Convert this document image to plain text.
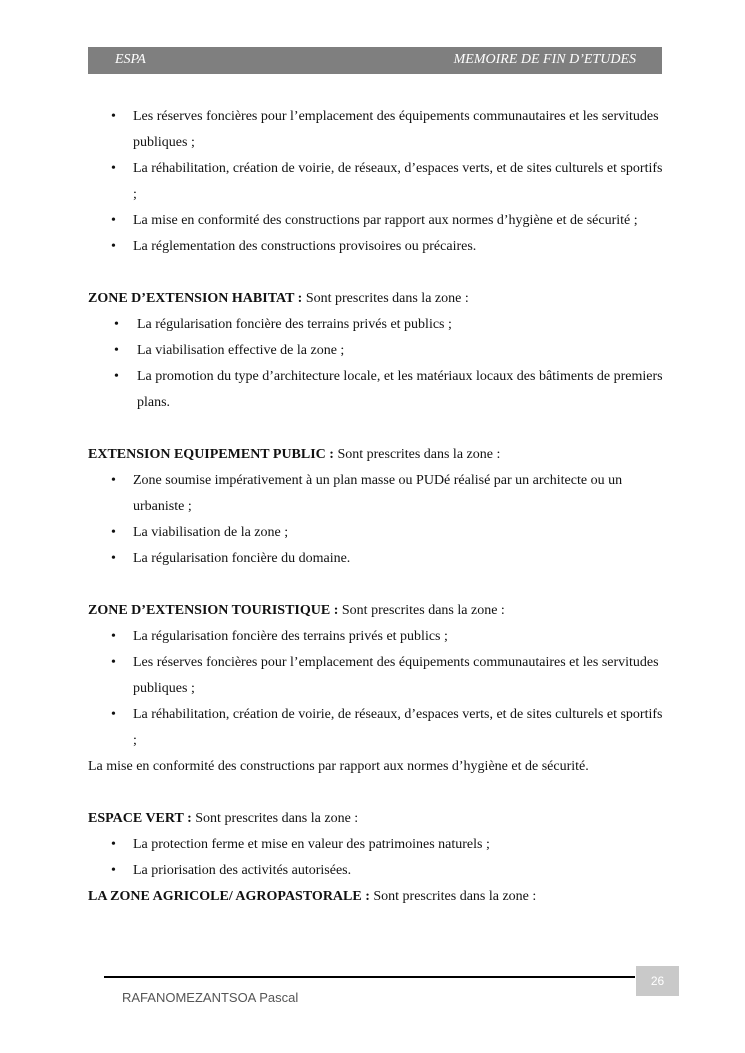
ESPA	MEMOIRE DE FIN D’ETUDES
• Les réserves foncières pour l’emplacement des équipements communautaires et les servitudes publiques ;
• La réhabilitation, création de voirie, de réseaux, d’espaces verts, et de sites culturels et sportifs ;
• La mise en conformité des constructions par rapport aux normes d’hygiène et de sécurité ;
• La réglementation des constructions provisoires ou précaires.

ZONE D’EXTENSION HABITAT : Sont prescrites dans la zone :

• La régularisation foncière des terrains privés et publics ;
• La viabilisation effective de la zone ;
• La promotion du type d’architecture locale, et les matériaux locaux des bâtiments de premiers plans.

EXTENSION EQUIPEMENT PUBLIC : Sont prescrites dans la zone :

• Zone soumise impérativement à un plan masse ou PUDé réalisé par un architecte ou un urbaniste ;
• La viabilisation de la zone ;
• La régularisation foncière du domaine.

ZONE D’EXTENSION TOURISTIQUE : Sont prescrites dans la zone :

• La régularisation foncière des terrains privés et publics ;
• Les réserves foncières pour l’emplacement des équipements communautaires et les servitudes publiques ;
• La réhabilitation, création de voirie, de réseaux, d’espaces verts, et de sites culturels et sportifs ;

La mise en conformité des constructions par rapport aux normes d’hygiène et de sécurité.

ESPACE VERT : Sont prescrites dans la zone :

• La protection ferme et mise en valeur des patrimoines naturels ;
• La priorisation des activités autorisées.

LA ZONE AGRICOLE/ AGROPASTORALE : Sont prescrites dans la zone :

26
RAFANOMEZANTSOA Pascal
